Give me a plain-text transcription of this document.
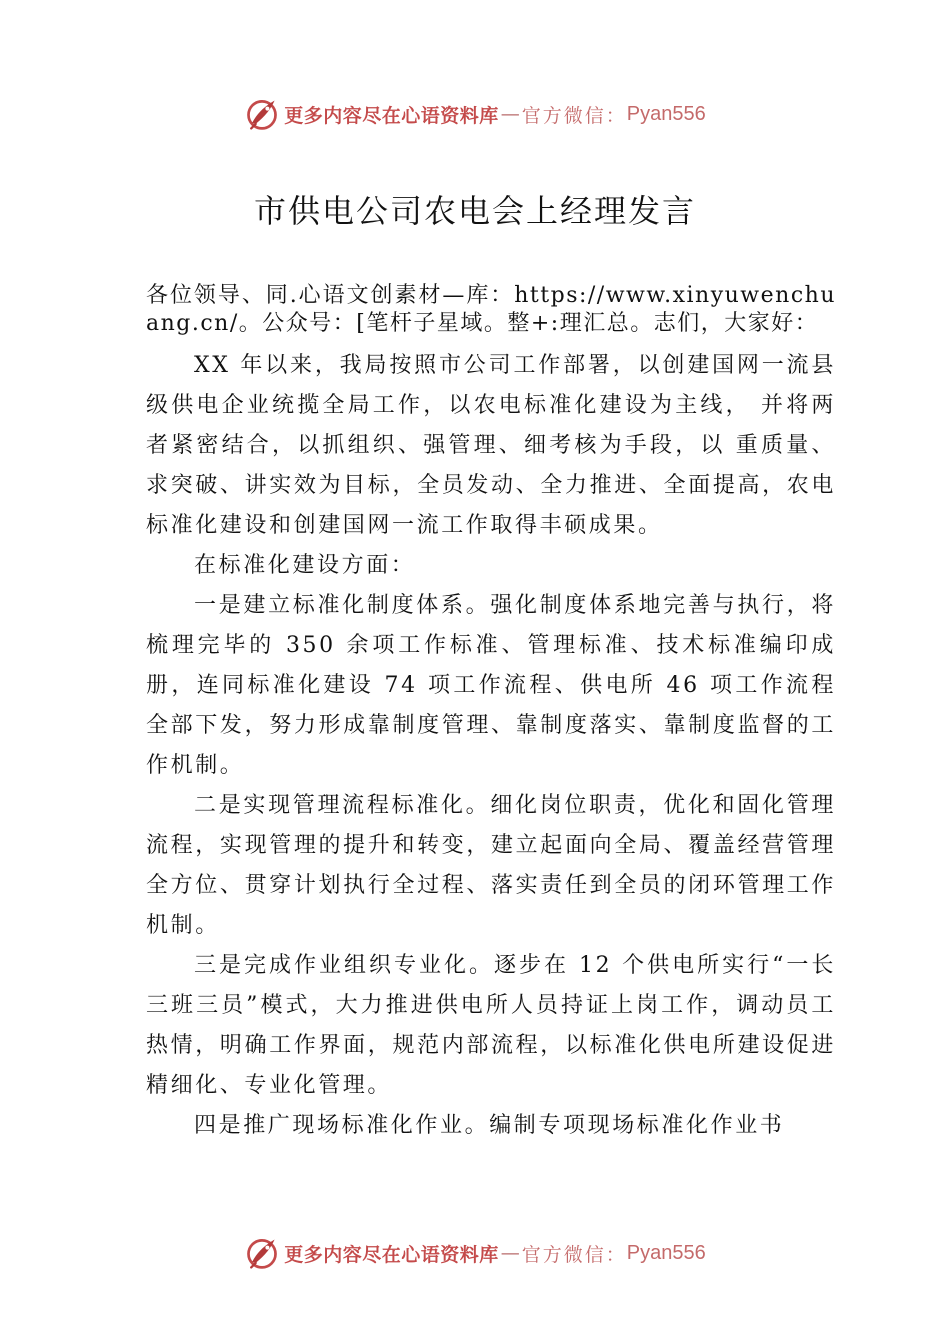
更多内容尽在心语资料库 — 官方微信： Pyan556
市供电公司农电会上经理发言

各位领导、同.心语文创素材—库：https://www.xinyuwenchuang.cn/。公众号：[笔杆子星域。整+:理汇总。志们，大家好：

XX 年以来，我局按照市公司工作部署，以创建国网一流县级供电企业统揽全局工作，以农电标准化建设为主线， 并将两者紧密结合，以抓组织、强管理、细考核为手段，以 重质量、求突破、讲实效为目标，全员发动、全力推进、全面提高，农电标准化建设和创建国网一流工作取得丰硕成果。

在标准化建设方面：

一是建立标准化制度体系。强化制度体系地完善与执行，将梳理完毕的 350 余项工作标准、管理标准、技术标准编印成册，连同标准化建设 74 项工作流程、供电所 46 项工作流程全部下发，努力形成靠制度管理、靠制度落实、靠制度监督的工作机制。

二是实现管理流程标准化。细化岗位职责，优化和固化管理流程，实现管理的提升和转变，建立起面向全局、覆盖经营管理全方位、贯穿计划执行全过程、落实责任到全员的闭环管理工作机制。

三是完成作业组织专业化。逐步在 12 个供电所实行“一长三班三员”模式，大力推进供电所人员持证上岗工作，调动员工热情，明确工作界面，规范内部流程，以标准化供电所建设促进精细化、专业化管理。

四是推广现场标准化作业。编制专项现场标准化作业书

更多内容尽在心语资料库 — 官方微信： Pyan556
